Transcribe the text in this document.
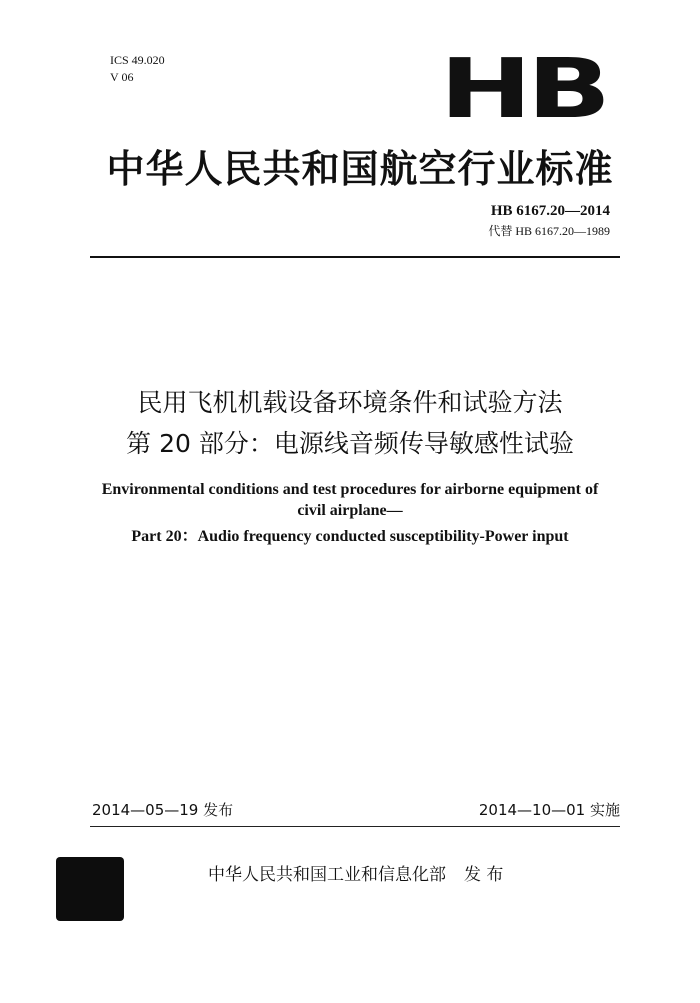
ICS 49.020
V 06	HB
中华人民共和国航空行业标准
HB 6167.20—2014
代替 HB 6167.20—1989
民用飞机机载设备环境条件和试验方法
第 20 部分：电源线音频传导敏感性试验
Environmental conditions and test procedures for airborne equipment of
civil airplane—
Part 20：Audio frequency conducted susceptibility-Power input
2014—05—19 发布	2014—10—01 实施
中华人民共和国工业和信息化部 发 布
